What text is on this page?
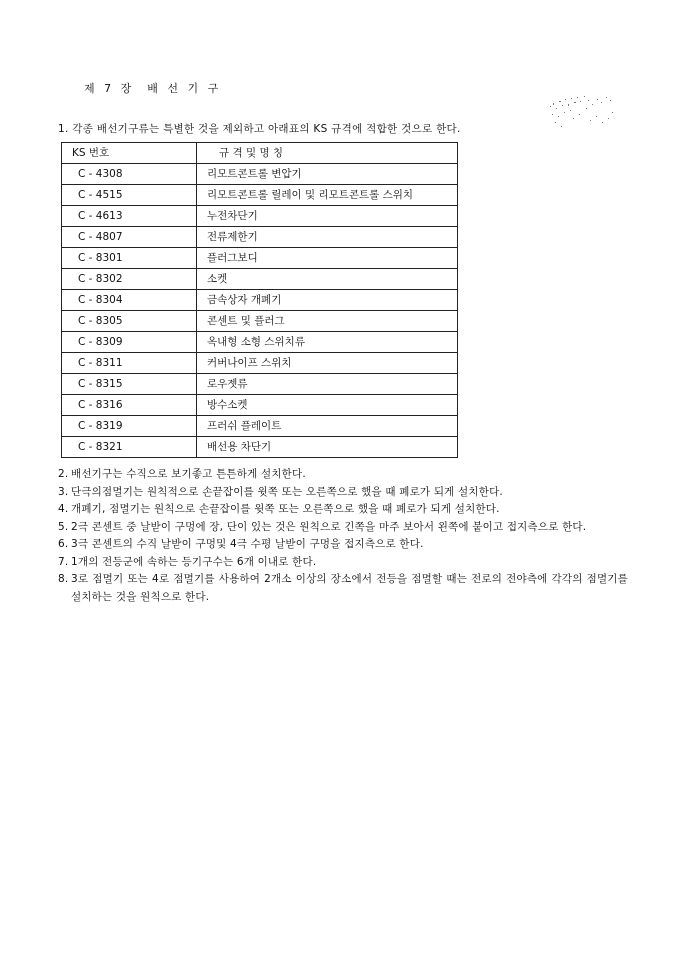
제 7 장  배 선 기 구
1. 각종 배선기구류는 특별한 것을 제외하고 아래표의 KS 규격에 적합한 것으로 한다.
KS 번호	규 격 및 명 칭
C - 4308	리모트콘트롤 변압기
C - 4515	리모트콘트롤 릴레이 및 리모트콘트롤 스위치
C - 4613	누전차단기
C - 4807	전류제한기
C - 8301	플러그보디
C - 8302	소켓
C - 8304	금속상자 개폐기
C - 8305	콘센트 및 플러그
C - 8309	옥내형 소형 스위치류
C - 8311	커버나이프 스위치
C - 8315	로우젯류
C - 8316	방수소켓
C - 8319	프러쉬 플레이트
C - 8321	배선용 차단기
2. 배선기구는 수직으로 보기좋고 튼튼하게 설치한다.
3. 단극의점멸기는 원칙적으로 손끝잡이를 윗쪽 또는 오른쪽으로 했을 때 폐로가 되게 설치한다.
4. 개폐기, 점멸기는 원칙으로 손끝잡이를 윗쪽 또는 오른쪽으로 했을 때 폐로가 되게 설치한다.
5. 2극 콘센트 중 날받이 구멍에 장, 단이 있는 것은 원칙으로 긴쪽을 마주 보아서 왼쪽에 붙이고 접지측으로 한다.
6. 3극 콘센트의 수직 날받이 구멍및 4극 수평 날받이 구멍을 접지측으로 한다.
7. 1개의 전등군에 속하는 등기구수는 6개 이내로 한다.
8. 3로 점멸기 또는 4로 점멸기를 사용하여 2개소 이상의 장소에서 전등을 점멸할 때는 전로의 전야측에 각각의 점멸기를 설치하는 것을 원칙으로 한다.
